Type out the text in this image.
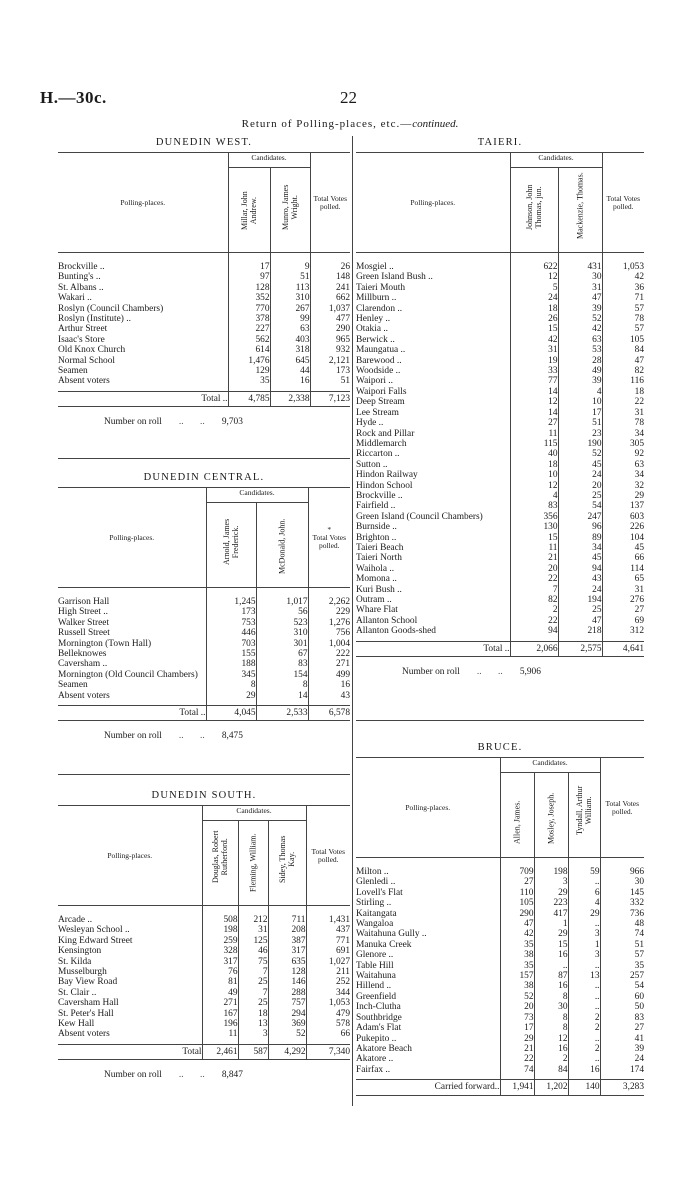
H.—30c.	22
Return of Polling-places, etc.—continued.
DUNEDIN WEST.
Polling-places.	Candidates.		Total Votes polled.

	Millar, John Andrew.	Munro, James Wright.	

Brockville ..	17	9	26
Bunting's ..	97	51	148
St. Albans ..	128	113	241
Wakari ..	352	310	662
Roslyn (Council Chambers)	770	267	1,037
Roslyn (Institute) ..	378	99	477
Arthur Street	227	63	290
Isaac's Store	562	403	965
Old Knox Church	614	318	932
Normal School	1,476	645	2,121
Seamen	129	44	173
Absent voters	35	16	51
Total ..	4,785	2,338	7,123
Number on roll ..       .. 9,703
DUNEDIN CENTRAL.
Polling-places.	Candidates.		*
Total Votes polled.

	Arnold, James Frederick.	McDonald, John.	

Garrison Hall	1,245	1,017	2,262
High Street ..	173	56	229
Walker Street	753	523	1,276
Russell Street	446	310	756
Mornington (Town Hall)	703	301	1,004
Belleknowes	155	67	222
Caversham ..	188	83	271
Mornington (Old Council Chambers)	345	154	499
Seamen	8	8	16
Absent voters	29	14	43
Total ..	4,045	2,533	6,578
Number on roll ..       .. 8,475
DUNEDIN SOUTH.
Polling-places.	Candidates.			Total Votes polled.

	Douglas, Robert Rutherford.	Fleming, William.	Sidey, Thomas Kay.	

Arcade ..	508	212	711	1,431
Wesleyan School ..	198	31	208	437
King Edward Street	259	125	387	771
Kensington	328	46	317	691
St. Kilda	317	75	635	1,027
Musselburgh	76	7	128	211
Bay View Road	81	25	146	252
St. Clair ..	49	7	288	344
Caversham Hall	271	25	757	1,053
St. Peter's Hall	167	18	294	479
Kew Hall	196	13	369	578
Absent voters	11	3	52	66
Total	2,461	587	4,292	7,340
Number on roll ..       .. 8,847
TAIERI.
Polling-places.	Candidates.		Total Votes polled.

	Johnson, John Thomas, jun.	Mackenzie, Thomas.	

Mosgiel ..	622	431	1,053
Green Island Bush ..	12	30	42
Taieri Mouth	5	31	36
Millburn ..	24	47	71
Clarendon ..	18	39	57
Henley ..	26	52	78
Otakia ..	15	42	57
Berwick ..	42	63	105
Maungatua ..	31	53	84
Barewood ..	19	28	47
Woodside ..	33	49	82
Waipori ..	77	39	116
Waipori Falls	14	4	18
Deep Stream	12	10	22
Lee Stream	14	17	31
Hyde ..	27	51	78
Rock and Pillar	11	23	34
Middlemarch	115	190	305
Riccarton ..	40	52	92
Sutton ..	18	45	63
Hindon Railway	10	24	34
Hindon School	12	20	32
Brockville ..	4	25	29
Fairfield ..	83	54	137
Green Island (Council Chambers)	356	247	603
Burnside ..	130	96	226
Brighton ..	15	89	104
Taieri Beach	11	34	45
Taieri North	21	45	66
Waihola ..	20	94	114
Momona ..	22	43	65
Kuri Bush ..	7	24	31
Outram ..	82	194	276
Whare Flat	2	25	27
Allanton School	22	47	69
Allanton Goods-shed	94	218	312
Total ..	2,066	2,575	4,641
Number on roll ..       .. 5,906
BRUCE.
Polling-places.	Candidates.			Total Votes polled.

	Allen, James.	Mosley, Joseph.	Tyndall, Arthur William.	

Milton ..	709	198	59	966
Glenledi ..	27	3	..	30
Lovell's Flat	110	29	6	145
Stirling ..	105	223	4	332
Kaitangata	290	417	29	736
Wangaloa	47	1	..	48
Waitahuna Gully ..	42	29	3	74
Manuka Creek	35	15	1	51
Glenore ..	38	16	3	57
Table Hill	35	..	..	35
Waitahuna	157	87	13	257
Hillend ..	38	16	..	54
Greenfield	52	8	..	60
Inch-Clutha	20	30	..	50
Southbridge	73	8	2	83
Adam's Flat	17	8	2	27
Pukepito ..	29	12	..	41
Akatore Beach	21	16	2	39
Akatore ..	22	2	..	24
Fairfax ..	74	84	16	174
Carried forward..	1,941	1,202	140	3,283
